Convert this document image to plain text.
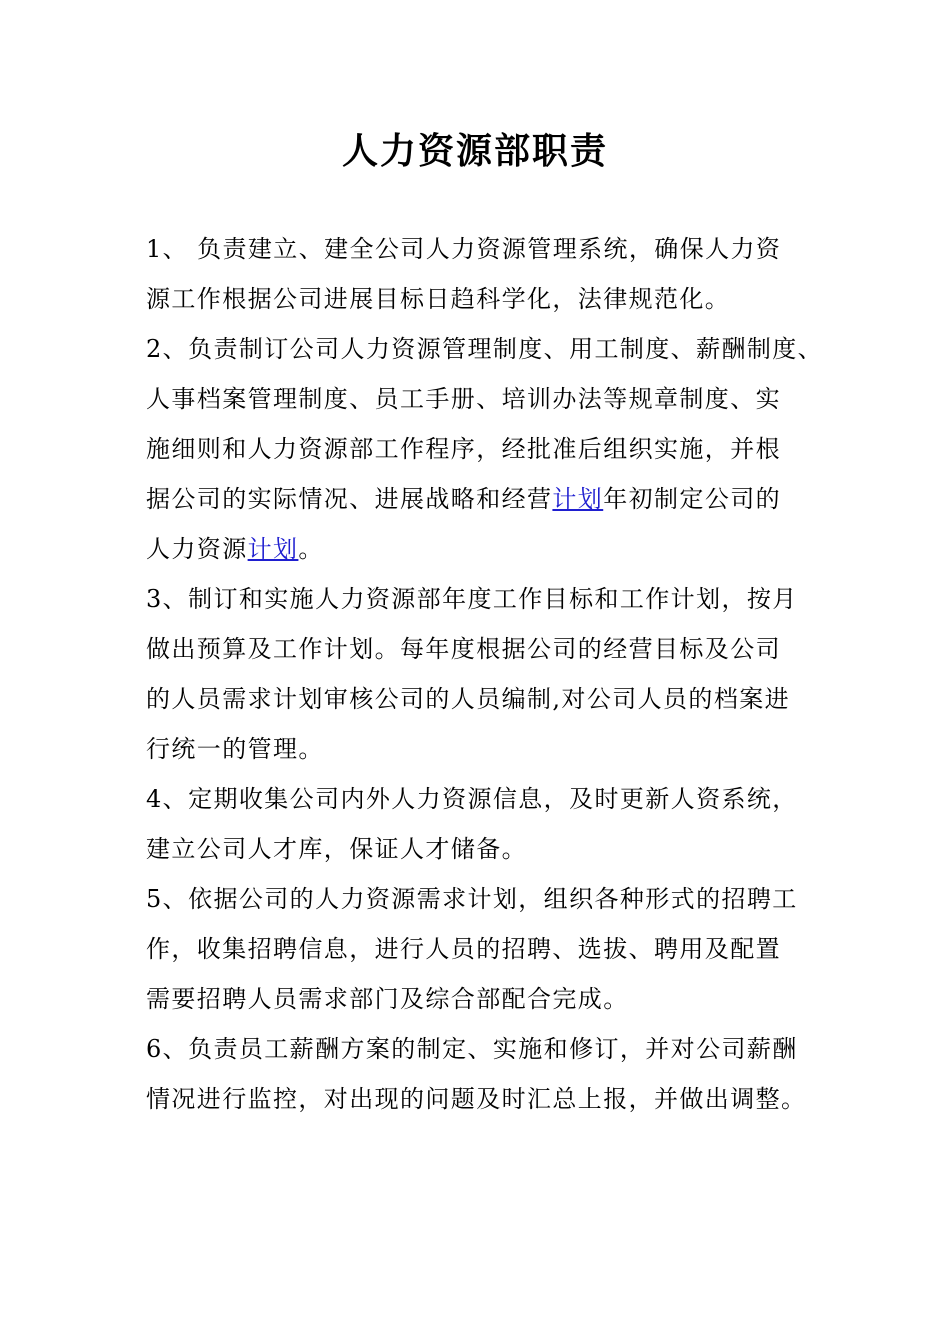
人力资源部职责
1、 负责建立、建全公司人力资源管理系统，确保人力资
源工作根据公司进展目标日趋科学化，法律规范化。
2、负责制订公司人力资源管理制度、用工制度、薪酬制度、
人事档案管理制度、员工手册、培训办法等规章制度、实
施细则和人力资源部工作程序，经批准后组织实施，并根
据公司的实际情况、进展战略和经营计划年初制定公司的
人力资源计划。
3、制订和实施人力资源部年度工作目标和工作计划，按月
做出预算及工作计划。每年度根据公司的经营目标及公司
的人员需求计划审核公司的人员编制,对公司人员的档案进
行统一的管理。
4、定期收集公司内外人力资源信息，及时更新人资系统，
建立公司人才库，保证人才储备。
5、依据公司的人力资源需求计划，组织各种形式的招聘工
作，收集招聘信息，进行人员的招聘、选拔、聘用及配置
需要招聘人员需求部门及综合部配合完成。
6、负责员工薪酬方案的制定、实施和修订，并对公司薪酬
情况进行监控，对出现的问题及时汇总上报，并做出调整。
